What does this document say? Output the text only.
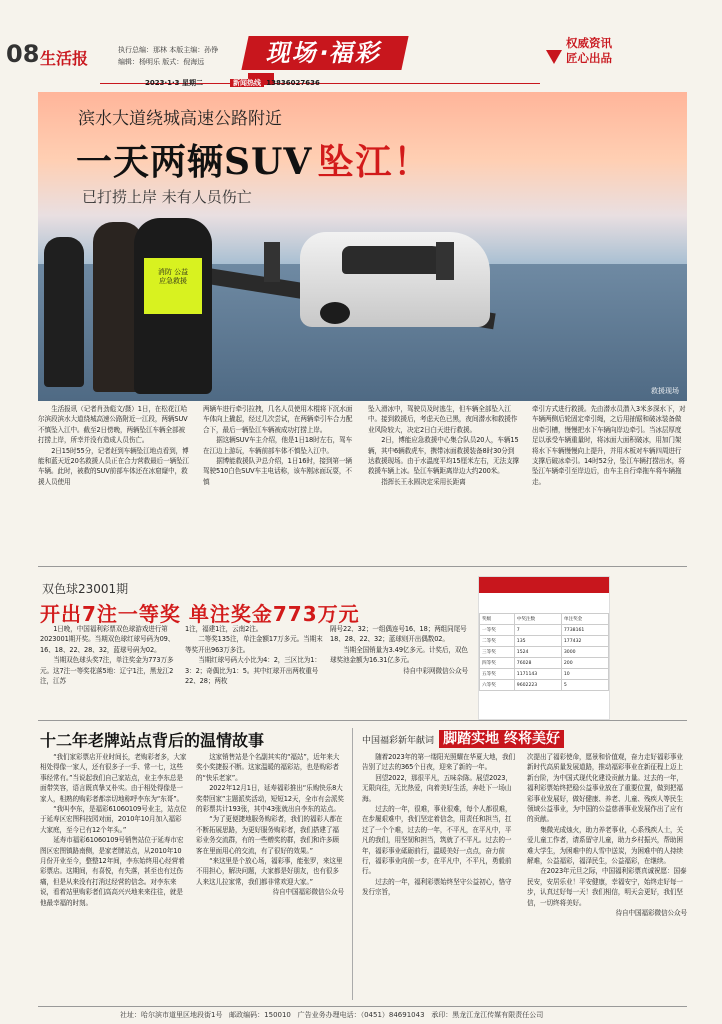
08 生活报	执行总编：那林 本版主编：孙铮
编辑：杨明乐 版式：倪海远	现场·福彩	权威资讯
匠心出品
2023·1·3 星期二	新闻热线 13836027636
消防 公益
应急救援
救援现场
滨水大道绕城高速公路附近
一天两辆SUV 坠江！
已打捞上岸 未有人员伤亡

生活报讯（记者肖劲彪文/摄）1日，在松花江哈尔滨段滨水大道绕城高速公路附近一江段，两辆SUV不慎坠入江中。截至2日傍晚，两辆坠江车辆全部被打捞上岸，所幸并没有造成人员伤亡。

2日15时55分，记者赶到车辆坠江地点看到，博能和蓝天近20名救援人员正在合力营救最后一辆坠江车辆。此时，被救的SUV前部车体还在冰窟窿中，救援人员使用

两辆车进行牵引拉拽，几名人员使用木棍将下沉水面车体向上撬起，经过几次尝试，在两辆牵引车合力配合下，最后一辆坠江车辆被成功打捞上岸。

据这辆SUV车主介绍，他是1日18时左右，驾车在江边上游玩，车辆前部车体不慎坠入江中。

据博能救援队尹总介绍，1日16时，接到第一辆驾驶510白色SUV车主电话称，该车刚冰面玩耍，不慎

坠入滑冰中，驾驶员及时逃生，但车辆全部坠入江中。接到救援后，考虑天色已黑，夜间潜水和救援作业风险较大，决定2日白天进行救援。

2日，博能应急救援中心集合队员20人，车辆15辆，其中6辆救虎车，携带冰面救援装备8时30分到达救援现场。由于水温度平均15厘米左右，无法支撑救援车辆上冰。坠江车辆距离岸边大约200米。

指挥长王永圆决定采用长距离

牵引方式进行救援。先由潜水员潜入3米多深水下，对车辆两侧后轮固定牵引绳，之后用抽锯和破冰装备做出牵引槽，慢慢把水下车辆向岸边牵引。当冰层厚度足以承受车辆重量时，将冰面大面积破冰，用加门架将水下车辆慢慢向上提升，并用木板对车辆四周进行支撑后破冰牵引。14时52分，坠江车辆打捞出水，将坠江车辆牵引至岸边后，由车主自行牵拖车将车辆拖走。

双色球23001期
开出7注一等奖 单注奖金773万元	奖级	中奖注数	单注奖金
一等奖	7	7738161
二等奖	135	177432
三等奖	1524	3000
四等奖	76028	200
五等奖	1171143	10
六等奖	9602223	5

1日晚，中国福利彩票双色球游戏进行第2023001期开奖。当期双色球红球号码为09、16、18、22、28、32，蓝球号码为02。

当期双色球头奖7注，单注奖金为773万多元。这7注一等奖花落5地：辽宁1注，黑龙江2注，江苏

1注，福建1注，云南2注。

二等奖135注，单注金额17万多元。当期末等奖开出963万多注。

当期红球号码大小比为4：2，三区比为1：3：2；奇偶比为1：5。其中红球开出两枚重号22、28；两枚

隔号22、32；一组偶连号16、18；两组同尾号18、28、22、32；蓝球则开出偶数02。

当期全国销量为3.49亿多元。计奖后，双色球奖池金额为16.31亿多元。

待自中彩网微信公众号

十二年老牌站点背后的温情故事

“我们家彩票店开业时间长，老购彩者多，大家相处得像一家人，还有很多子一手、常一七，这些事经常有。”当说起我们自己家站点，业主李东总是面带笑容，语言既真挚又朴实。由于相处得像是一家人，相熟的购彩者都亲切地称呼李东为“东哥”。

“我叫李东，是福彩61060109号业主，站点位于延寿区宏图科技园对面，2010年10月加入福彩大家庭，至今已有12个年头。”

延寿市福彩61060109号销售站位于延寿市宏图区宏图镇路南侧，是家老牌站点，从2010年10月份开业至今，整整12年间，李东始终用心经营着彩票店。这期间，有喜悦，有失落，甚至也有过伤痛，但是从来没有打消过经营的信念。对李东来说，看着站里购彩者们高高兴兴地来来往往，就是他最幸福的时刻。

这家销售站是个名副其实的“福站”，近年来大奖小奖捷报不断。这家温暖的福彩站，也是购彩者的“快乐老家”。

2022年12月1日，延寿福彩推出“乐购快乐8大奖带回家”主题派奖活动，短短12天，全市有会派奖的彩票共计193张，其中43张就出自李东的站点。

“为了更便捷地服务购彩者，我们的福彩人都在不断拓展思路，为更好服务购彩者，我们搭建了福彩业务交流群，有的一些赠奖的群，我们和许多顾客在里面用心的交流，有了很好的效果。”

“来这里是个放心场，福彩事，能张罗，来这里不用担心，解决问题，大家都是好朋友，也有很多人来这儿拉家常，我们都非常欢迎大家。”

待自中国福彩微信公众号

中国福彩新年献词 脚踏实地 终将美好

随着2023年的第一缕阳光照耀在华夏大地，我们告别了过去的365个日夜，迎来了新的一年。

回望2022，那很平凡，五味杂陈。展望2023，无限向往，无比热爱，向着美好生活，奔赴下一场山海。

过去的一年，很难，事业很难，每个人都很难，在步履艰难中，我们坚定着信念，用责任和担当，扛过了一个个难，过去的一年，不平凡，在平凡中，平凡的我们，用坚韧和担当，筑就了不平凡。过去的一年，福彩事业砥砺前行，温暖美好一点点，奋力前行，福彩事业向前一步，在平凡中，不平凡，勇毅前行。

过去的一年，福利彩票始终坚守公益初心，恪守发行宗旨，

次提出了福彩使命，愿景和价值观，奋力走好福彩事业新时代高质量发展道路，推动福彩事业在新征程上迈上新台阶，为中国式现代化建设贡献力量。过去的一年，福利彩票始终把稳公益事业放在了重要位置，做到把福彩事业发展好，做好健康、养老、儿童、残疾人等民生领域公益事业，为中国的公益慈善事业发展作出了应有的贡献。

集微光成烛火，助力养老事业，心系残疾人士，关爱儿童工作者，请系留守儿童，助力乡村振兴，帮助困难大学生，为困难中的人雪中送炭，为困难中的人持续解难，公益福彩，福泽民生，公益福彩，在继续。

在2023年元旦之际，中国福利彩票真诚祝愿：国泰民安，安居乐业！平安健康，幸福安宁，始终走好每一步，认真过好每一天！我们相信，明天会更好，我们坚信，一切终将美好。

待自中国福彩微信公众号

社址：哈尔滨市道里区地段街1号 邮政编码：150010 广告业务办理电话：（0451）84691043 承印：黑龙江龙江传媒有限责任公司
